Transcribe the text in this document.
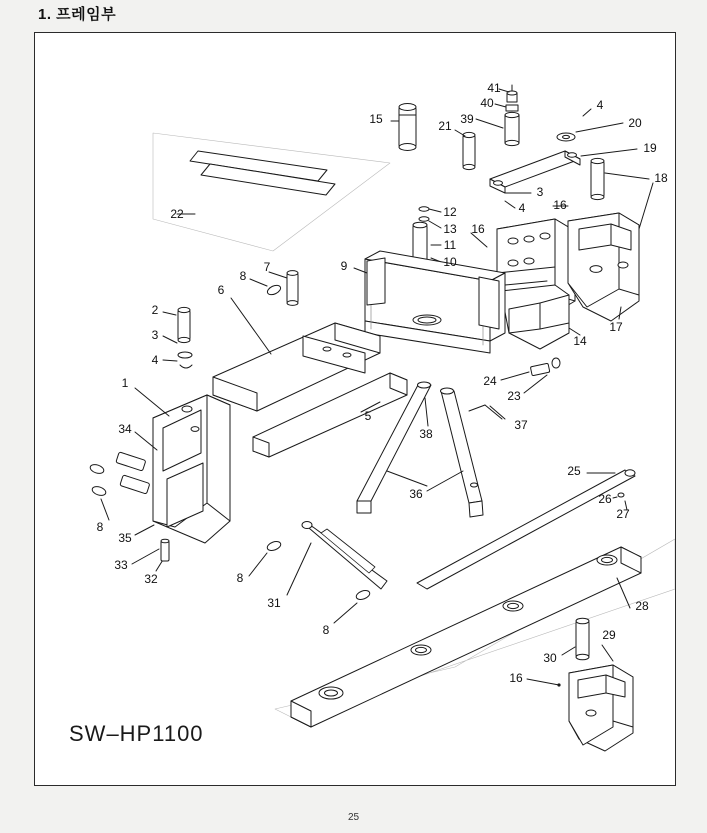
1. 프레임부
41
40
39
4
15	21	20
19
18
16
3
4
12
13 16
11
10
9
7
8
17
14
6
2
3
4
22
1	24
23
5
37
38
34
35
8
33
32
36
25
26
27
8
31
8
28
29
30
16
SW–HP1100
25
